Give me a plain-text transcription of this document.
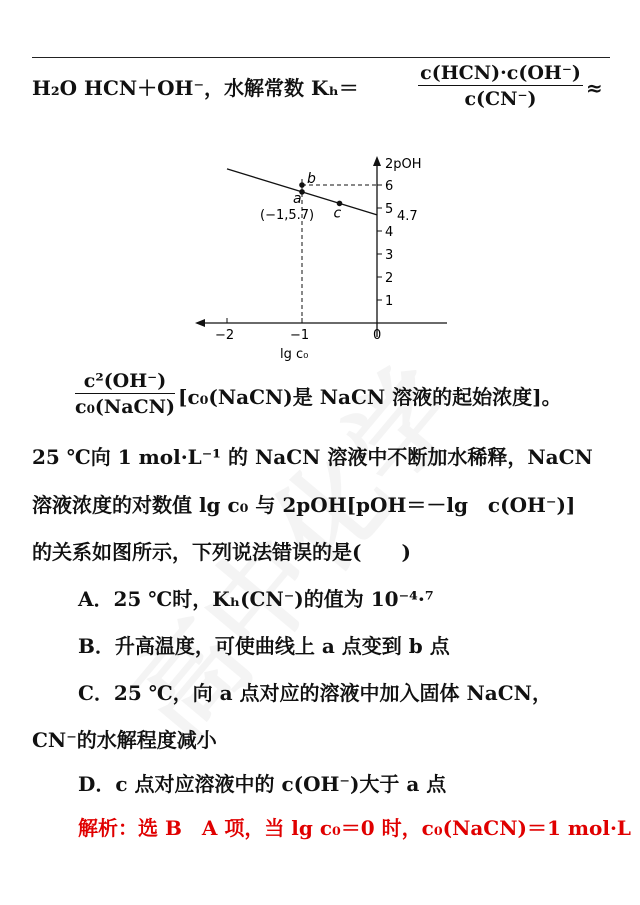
H₂O HCN＋OH⁻，水解常数 Kₕ＝
c(HCN)·c(OH⁻)
c(CN⁻)	≈
2pOH
lg c₀
−2	−1	0
1
2
3
4
5
6
a
b
c
(−1,5.7)	4.7
c²(OH⁻)
c₀(NaCN) [c₀(NaCN)是 NaCN 溶液的起始浓度]。
25 ℃向 1 mol·L⁻¹ 的 NaCN 溶液中不断加水稀释，NaCN
溶液浓度的对数值 lg c₀ 与 2pOH[pOH＝－lg　c(OH⁻)]
的关系如图所示，下列说法错误的是(　　)
A．25 ℃时，Kₕ(CN⁻)的值为 10⁻⁴·⁷
B．升高温度，可使曲线上 a 点变到 b 点
C．25 ℃，向 a 点对应的溶液中加入固体 NaCN，
CN⁻的水解程度减小
D．c 点对应溶液中的 c(OH⁻)大于 a 点
解析：选 B　A 项，当 lg c₀＝0 时，c₀(NaCN)＝1 mol·L
